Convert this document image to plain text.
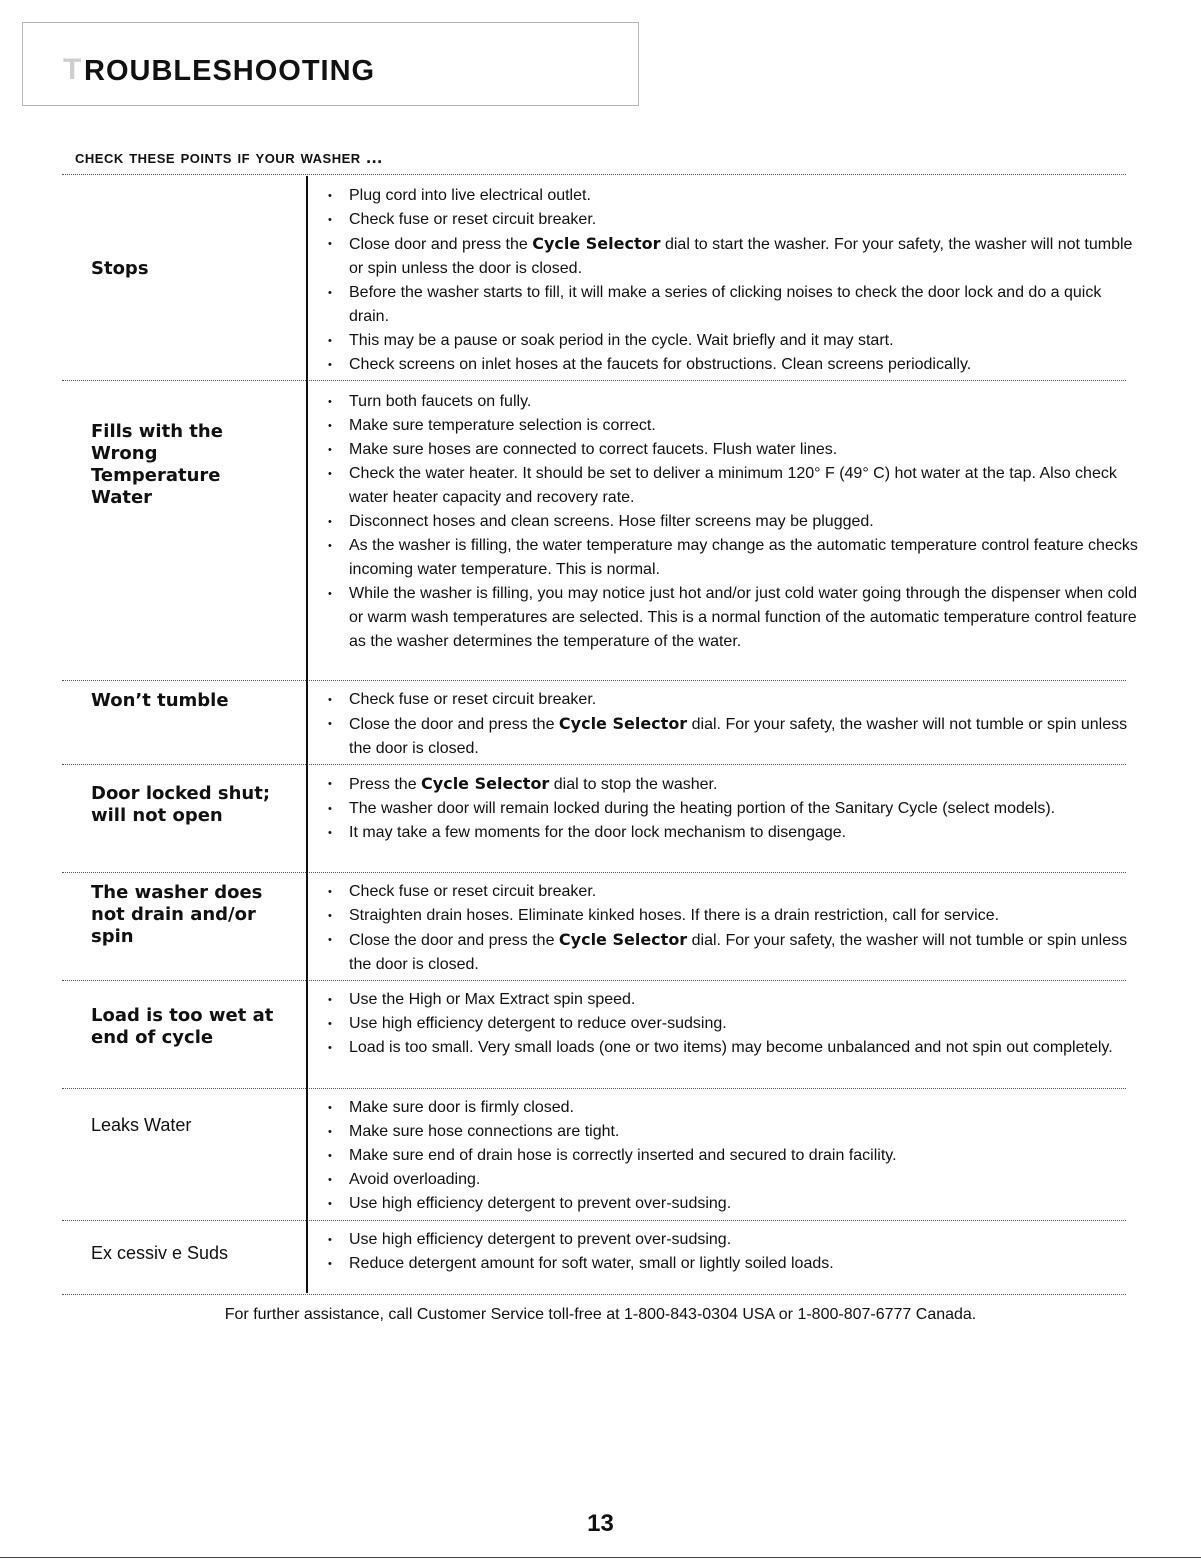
T ROUBLESHOOTING
check these points if your washer ...
Stops
Fills with the Wrong Temperature Water
Won’t tumble
Door locked shut; will not open
The washer does not drain and/or spin
Load is too wet at end of cycle
Leaks Water
Ex cessiv e Suds
• Plug cord into live electrical outlet.
• Check fuse or reset circuit breaker.
• Close door and press the Cycle Selector dial to start the washer. For your safety, the washer will not tumble or spin unless the door is closed.
• Before the washer starts to fill, it will make a series of clicking noises to check the door lock and do a quick drain.
• This may be a pause or soak period in the cycle. Wait briefly and it may start.
• Check screens on inlet hoses at the faucets for obstructions. Clean screens periodically.
• Turn both faucets on fully.
• Make sure temperature selection is correct.
• Make sure hoses are connected to correct faucets. Flush water lines.
• Check the water heater. It should be set to deliver a minimum 120° F (49° C) hot water at the tap. Also check water heater capacity and recovery rate.
• Disconnect hoses and clean screens. Hose filter screens may be plugged.
• As the washer is filling, the water temperature may change as the automatic temperature control feature checks incoming water temperature. This is normal.
• While the washer is filling, you may notice just hot and/or just cold water going through the dispenser when cold or warm wash temperatures are selected. This is a normal function of the automatic temperature control feature as the washer determines the temperature of the water.
• Check fuse or reset circuit breaker.
• Close the door and press the Cycle Selector dial. For your safety, the washer will not tumble or spin unless the door is closed.
• Press the Cycle Selector dial to stop the washer.
• The washer door will remain locked during the heating portion of the Sanitary Cycle (select models).
• It may take a few moments for the door lock mechanism to disengage.
• Check fuse or reset circuit breaker.
• Straighten drain hoses. Eliminate kinked hoses. If there is a drain restriction, call for service.
• Close the door and press the Cycle Selector dial. For your safety, the washer will not tumble or spin unless the door is closed.
• Use the High or Max Extract spin speed.
• Use high efficiency detergent to reduce over-sudsing.
• Load is too small. Very small loads (one or two items) may become unbalanced and not spin out completely.
• Make sure door is firmly closed.
• Make sure hose connections are tight.
• Make sure end of drain hose is correctly inserted and secured to drain facility.
• Avoid overloading.
• Use high efficiency detergent to prevent over-sudsing.
• Use high efficiency detergent to prevent over-sudsing.
• Reduce detergent amount for soft water, small or lightly soiled loads.
For further assistance, call Customer Service toll-free at 1-800-843-0304 USA or 1-800-807-6777 Canada.
13
